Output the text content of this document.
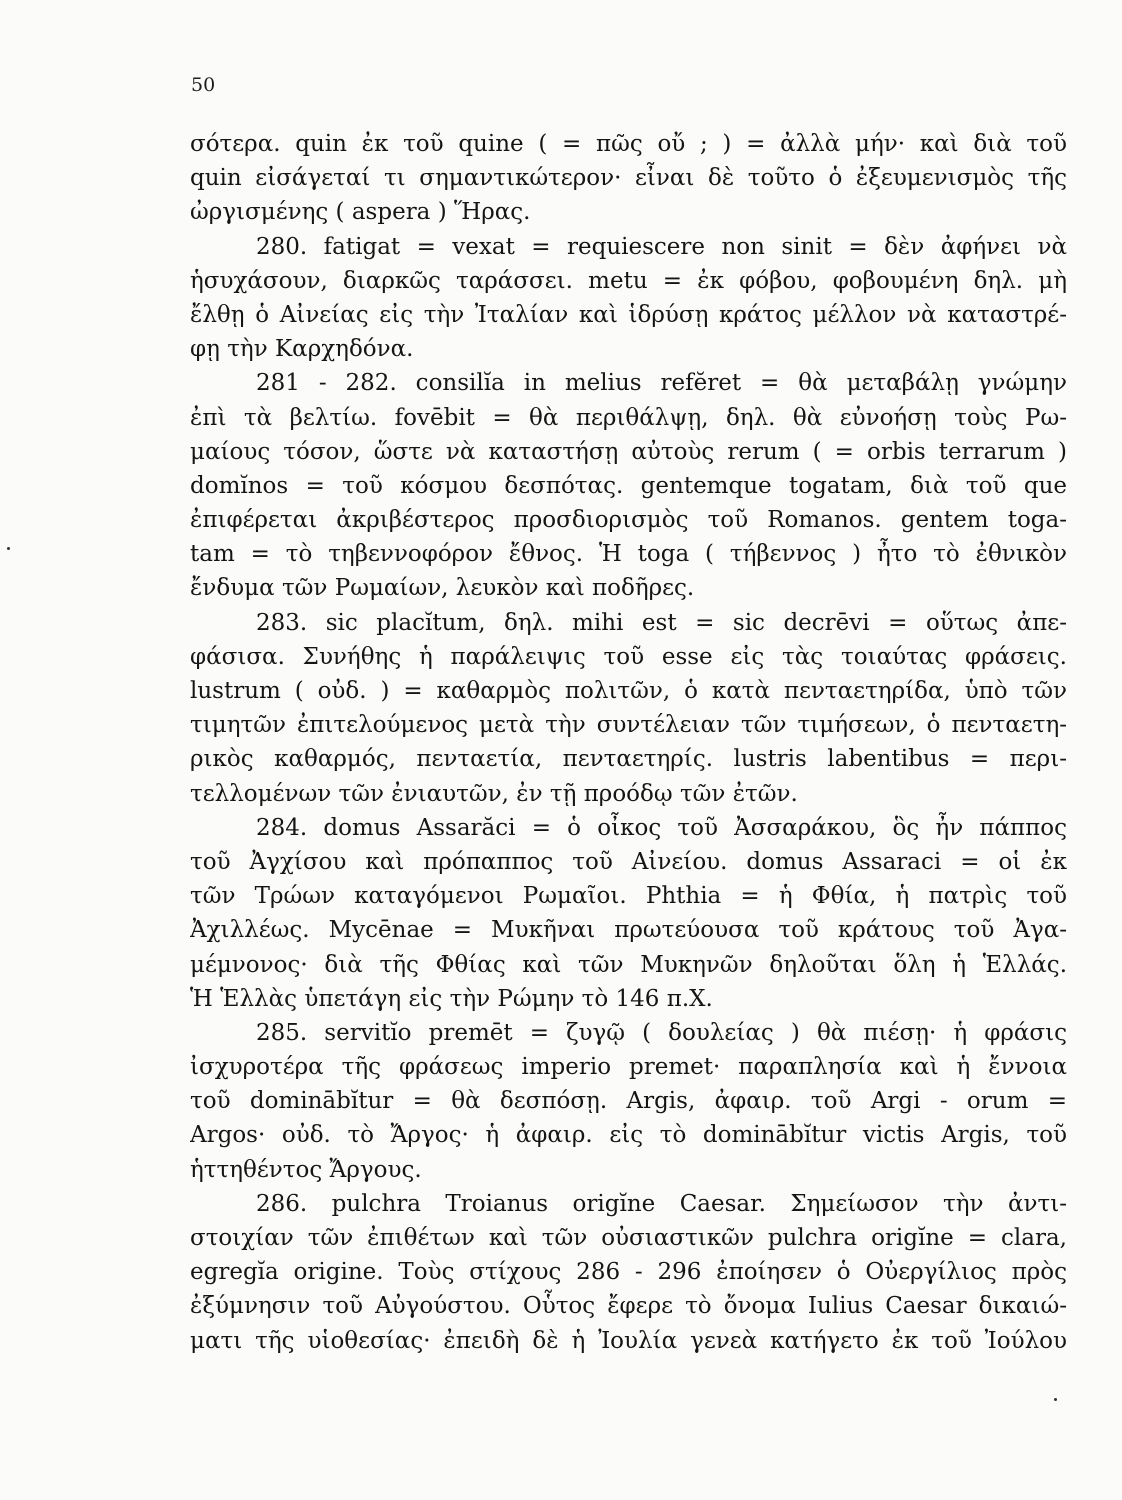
50
σότερα. quin ἐκ τοῦ quine ( = πῶς οὔ ; ) = ἀλλὰ μήν· καὶ διὰ τοῦ
quin εἰσάγεταί τι σημαντικώτερον· εἶναι δὲ τοῦτο ὁ ἐξευμενισμὸς τῆς
ὠργισμένης ( aspera ) Ἥρας.
280. fatigat = vexat = requiescere non sinit = δὲν ἀφήνει νὰ
ἡσυχάσουν, διαρκῶς ταράσσει. metu = ἐκ φόβου, φοβουμένη δηλ. μὴ
ἔλθῃ ὁ Αἰνείας εἰς τὴν Ἰταλίαν καὶ ἱδρύσῃ κράτος μέλλον νὰ καταστρέ-
φῃ τὴν Καρχηδόνα.
281 - 282. consilĭa in melius refĕret = θὰ μεταβάλῃ γνώμην
ἐπὶ τὰ βελτίω. fovēbit = θὰ περιθάλψῃ, δηλ. θὰ εὐνοήσῃ τοὺς Ρω-
μαίους τόσον, ὥστε νὰ καταστήσῃ αὐτοὺς rerum ( = orbis terrarum )
domĭnos = τοῦ κόσμου δεσπότας. gentemque togatam, διὰ τοῦ que
ἐπιφέρεται ἀκριβέστερος προσδιορισμὸς τοῦ Romanos. gentem toga-
tam = τὸ τηβεννοφόρον ἔθνος. Ἡ toga ( τήβεννος ) ἦτο τὸ ἐθνικὸν
ἔνδυμα τῶν Ρωμαίων, λευκὸν καὶ ποδῆρες.
283. sic placĭtum, δηλ. mihi est = sic decrēvi = οὕτως ἀπε-
φάσισα. Συνήθης ἡ παράλειψις τοῦ esse εἰς τὰς τοιαύτας φράσεις.
lustrum ( οὐδ. ) = καθαρμὸς πολιτῶν, ὁ κατὰ πενταετηρίδα, ὑπὸ τῶν
τιμητῶν ἐπιτελούμενος μετὰ τὴν συντέλειαν τῶν τιμήσεων, ὁ πενταετη-
ρικὸς καθαρμός, πενταετία, πενταετηρίς. lustris labentibus = περι-
τελλομένων τῶν ἐνιαυτῶν, ἐν τῇ προόδῳ τῶν ἐτῶν.
284. domus Assarăci = ὁ οἶκος τοῦ Ἀσσαράκου, ὃς ἦν πάππος
τοῦ Ἀγχίσου καὶ πρόπαππος τοῦ Αἰνείου. domus Assaraci = οἱ ἐκ
τῶν Τρώων καταγόμενοι Ρωμαῖοι. Phthia = ἡ Φθία, ἡ πατρὶς τοῦ
Ἀχιλλέως. Mycēnae = Μυκῆναι πρωτεύουσα τοῦ κράτους τοῦ Ἀγα-
μέμνονος· διὰ τῆς Φθίας καὶ τῶν Μυκηνῶν δηλοῦται ὅλη ἡ Ἑλλάς.
Ἡ Ἑλλὰς ὑπετάγη εἰς τὴν Ρώμην τὸ 146 π.Χ.
285. servitĭo premēt = ζυγῷ ( δουλείας ) θὰ πιέσῃ· ἡ φράσις
ἰσχυροτέρα τῆς φράσεως imperio premet· παραπλησία καὶ ἡ ἔννοια
τοῦ dominābĭtur = θὰ δεσπόσῃ. Argis, ἀφαιρ. τοῦ Argi - orum =
Argos· οὐδ. τὸ Ἄργος· ἡ ἀφαιρ. εἰς τὸ dominābĭtur victis Argis, τοῦ
ἡττηθέντος Ἄργους.
286. pulchra Troianus origĭne Caesar. Σημείωσον τὴν ἀντι-
στοιχίαν τῶν ἐπιθέτων καὶ τῶν οὐσιαστικῶν pulchra origĭne = clara,
egregĭa origine. Τοὺς στίχους 286 - 296 ἐποίησεν ὁ Οὐεργίλιος πρὸς
ἐξύμνησιν τοῦ Αὐγούστου. Οὗτος ἔφερε τὸ ὄνομα Iulius Caesar δικαιώ-
ματι τῆς υἱοθεσίας· ἐπειδὴ δὲ ἡ Ἰουλία γενεὰ κατήγετο ἐκ τοῦ Ἰούλου
